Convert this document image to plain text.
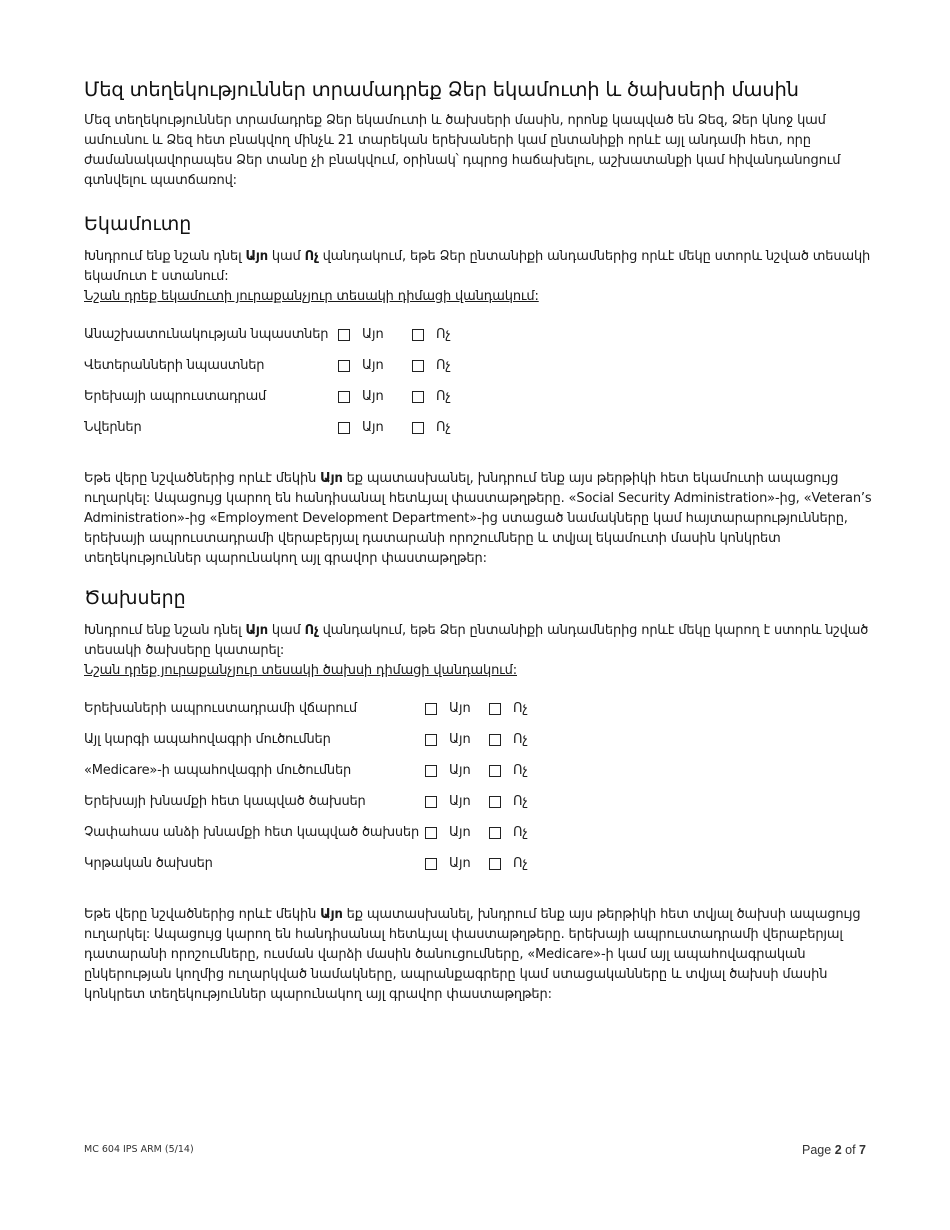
Մեզ տեղեկություններ տրամադրեք Ձեր եկամուտի և ծախսերի մասին

Մեզ տեղեկություններ տրամադրեք Ձեր եկամուտի և ծախսերի մասին, որոնք կապված են Ձեզ, Ձեր կնոջ կամ ամուսնու և Ձեզ հետ բնակվող մինչև 21 տարեկան երեխաների կամ ընտանիքի որևէ այլ անդամի հետ, որը ժամանակավորապես Ձեր տանը չի բնակվում, օրինակ՝ դպրոց հաճախելու, աշխատանքի կամ հիվանդանոցում գտնվելու պատճառով:

Եկամուտը

Խնդրում ենք նշան դնել Այո կամ Ոչ վանդակում, եթե Ձեր ընտանիքի անդամներից որևէ մեկը ստորև նշված տեսակի եկամուտ է ստանում:

Նշան դրեք եկամուտի յուրաքանչյուր տեսակի դիմացի վանդակում:

Անաշխատունակության նպաստներ	Այո	Ոչ
Վետերանների նպաստներ	Այո	Ոչ
Երեխայի ապրուստադրամ	Այո	Ոչ
Նվերներ	Այո	Ոչ

Եթե վերը նշվածներից որևէ մեկին Այո եք պատասխանել, խնդրում ենք այս թերթիկի հետ եկամուտի ապացույց ուղարկել: Ապացույց կարող են հանդիսանալ հետևյալ փաստաթղթերը. «Social Security Administration»-ից, «Veteran’s Administration»-ից «Employment Development Department»-ից ստացած նամակները կամ հայտարարությունները, երեխայի ապրուստադրամի վերաբերյալ դատարանի որոշումները և տվյալ եկամուտի մասին կոնկրետ տեղեկություններ պարունակող այլ գրավոր փաստաթղթեր:

Ծախսերը

Խնդրում ենք նշան դնել Այո կամ Ոչ վանդակում, եթե Ձեր ընտանիքի անդամներից որևէ մեկը կարող է ստորև նշված տեսակի ծախսերը կատարել:

Նշան դրեք յուրաքանչյուր տեսակի ծախսի դիմացի վանդակում:

Երեխաների ապրուստադրամի վճարում	Այո	Ոչ
Այլ կարգի ապահովագրի մուծումներ	Այո	Ոչ
«Medicare»-ի ապահովագրի մուծումներ	Այո	Ոչ
Երեխայի խնամքի հետ կապված ծախսեր	Այո	Ոչ
Չափահաս անձի խնամքի հետ կապված ծախսեր	Այո	Ոչ
Կրթական ծախսեր	Այո	Ոչ

Եթե վերը նշվածներից որևէ մեկին Այո եք պատասխանել, խնդրում ենք այս թերթիկի հետ տվյալ ծախսի ապացույց ուղարկել: Ապացույց կարող են հանդիսանալ հետևյալ փաստաթղթերը. երեխայի ապրուստադրամի վերաբերյալ դատարանի որոշումները, ուսման վարձի մասին ծանուցումները, «Medicare»-ի կամ այլ ապահովագրական ընկերության կողմից ուղարկված նամակները, ապրանքագրերը կամ ստացականները և տվյալ ծախսի մասին կոնկրետ տեղեկություններ պարունակող այլ գրավոր փաստաթղթեր:

MC 604 IPS ARM (5/14)	Page 2 of 7
